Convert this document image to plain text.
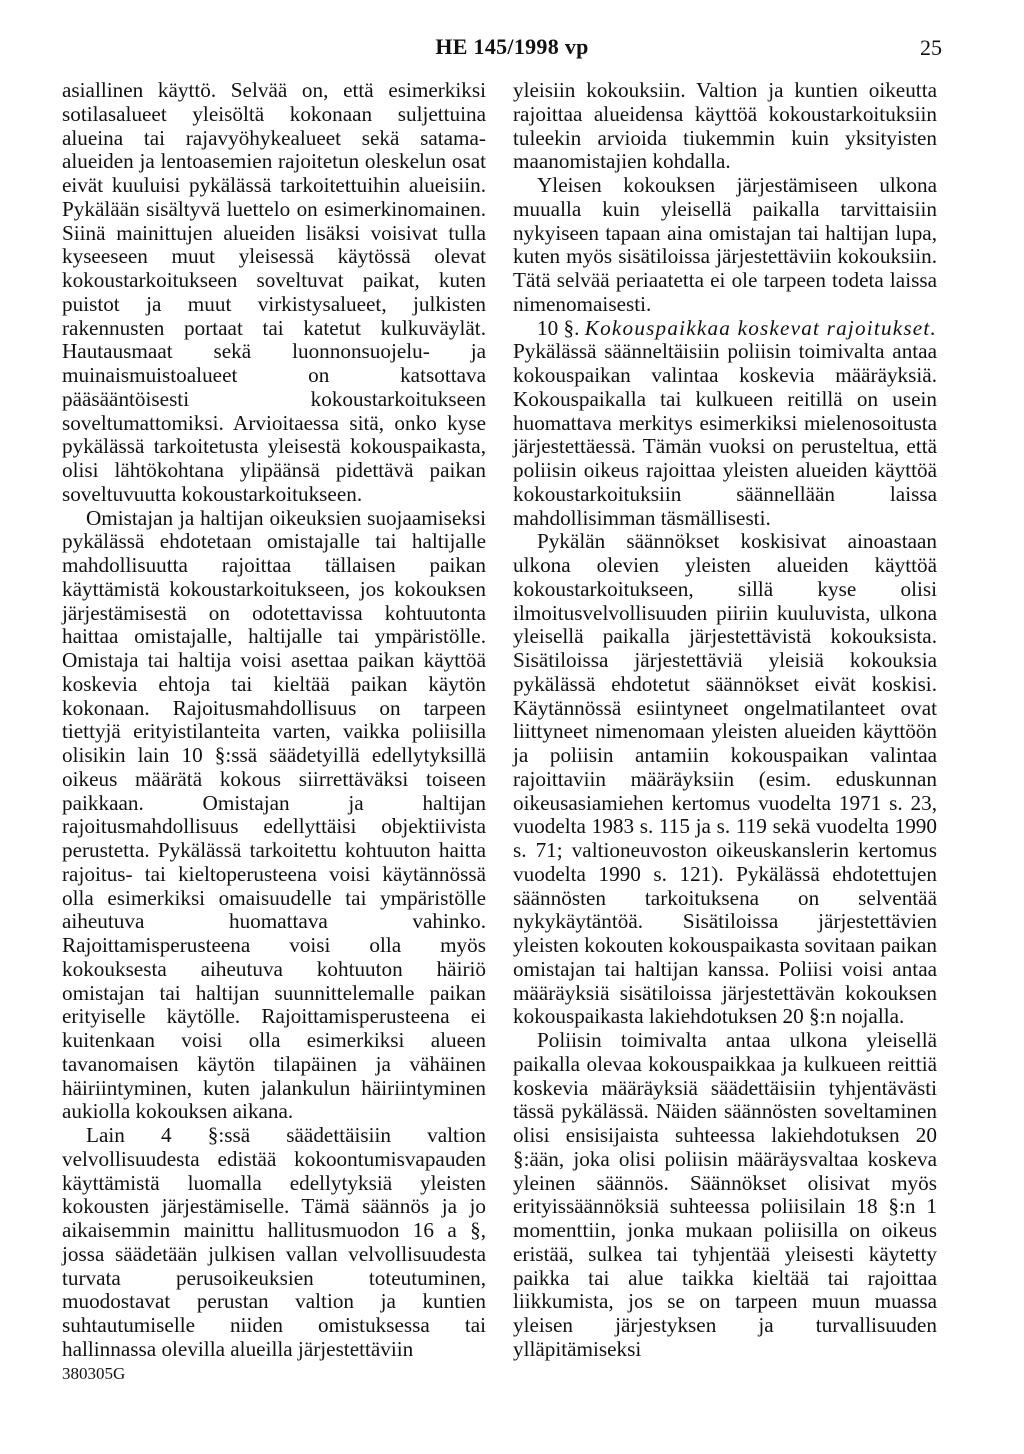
HE 145/1998 vp	25

asiallinen käyttö. Selvää on, että esimerkiksi sotilasalueet yleisöltä kokonaan suljettuina alueina tai rajavyöhykealueet sekä satama-alueiden ja lentoasemien rajoitetun oleskelun osat eivät kuuluisi pykälässä tarkoitettuihin alueisiin. Pykälään sisältyvä luettelo on esimerkinomainen. Siinä mainittujen alueiden lisäksi voisivat tulla kyseeseen muut yleisessä käytössä olevat kokoustarkoitukseen soveltuvat paikat, kuten puistot ja muut virkistysalueet, julkisten rakennusten portaat tai katetut kulkuväylät. Hautausmaat sekä luonnonsuojelu- ja muinaismuistoalueet on katsottava pääsääntöisesti kokoustarkoitukseen soveltumattomiksi. Arvioitaessa sitä, onko kyse pykälässä tarkoitetusta yleisestä kokouspaikasta, olisi lähtökohtana ylipäänsä pidettävä paikan soveltuvuutta kokoustarkoitukseen.

Omistajan ja haltijan oikeuksien suojaamiseksi pykälässä ehdotetaan omistajalle tai haltijalle mahdollisuutta rajoittaa tällaisen paikan käyttämistä kokoustarkoitukseen, jos kokouksen järjestämisestä on odotettavissa kohtuutonta haittaa omistajalle, haltijalle tai ympäristölle. Omistaja tai haltija voisi asettaa paikan käyttöä koskevia ehtoja tai kieltää paikan käytön kokonaan. Rajoitusmahdollisuus on tarpeen tiettyjä erityistilanteita varten, vaikka poliisilla olisikin lain 10 §:ssä säädetyillä edellytyksillä oikeus määrätä kokous siirrettäväksi toiseen paikkaan. Omistajan ja haltijan rajoitusmahdollisuus edellyttäisi objektiivista perustetta. Pykälässä tarkoitettu kohtuuton haitta rajoitus- tai kieltoperusteena voisi käytännössä olla esimerkiksi omaisuudelle tai ympäristölle aiheutuva huomattava vahinko. Rajoittamisperusteena voisi olla myös kokouksesta aiheutuva kohtuuton häiriö omistajan tai haltijan suunnittelemalle paikan erityiselle käytölle. Rajoittamisperusteena ei kuitenkaan voisi olla esimerkiksi alueen tavanomaisen käytön tilapäinen ja vähäinen häiriintyminen, kuten jalankulun häiriintyminen aukiolla kokouksen aikana.

Lain 4 §:ssä säädettäisiin valtion velvollisuudesta edistää kokoontumisvapauden käyttämistä luomalla edellytyksiä yleisten kokousten järjestämiselle. Tämä säännös ja jo aikaisemmin mainittu hallitusmuodon 16 a §, jossa säädetään julkisen vallan velvollisuudesta turvata perusoikeuksien toteutuminen, muodostavat perustan valtion ja kuntien suhtautumiselle niiden omistuksessa tai hallinnassa olevilla alueilla järjestettäviin

yleisiin kokouksiin. Valtion ja kuntien oikeutta rajoittaa alueidensa käyttöä kokoustarkoituksiin tuleekin arvioida tiukemmin kuin yksityisten maanomistajien kohdalla.

Yleisen kokouksen järjestämiseen ulkona muualla kuin yleisellä paikalla tarvittaisiin nykyiseen tapaan aina omistajan tai haltijan lupa, kuten myös sisätiloissa järjestettäviin kokouksiin. Tätä selvää periaatetta ei ole tarpeen todeta laissa nimenomaisesti.

10 §. Kokouspaikkaa koskevat rajoitukset. Pykälässä säänneltäisiin poliisin toimivalta antaa kokouspaikan valintaa koskevia määräyksiä. Kokouspaikalla tai kulkueen reitillä on usein huomattava merkitys esimerkiksi mielenosoitusta järjestettäessä. Tämän vuoksi on perusteltua, että poliisin oikeus rajoittaa yleisten alueiden käyttöä kokoustarkoituksiin säännellään laissa mahdollisimman täsmällisesti.

Pykälän säännökset koskisivat ainoastaan ulkona olevien yleisten alueiden käyttöä kokoustarkoitukseen, sillä kyse olisi ilmoitusvelvollisuuden piiriin kuuluvista, ulkona yleisellä paikalla järjestettävistä kokouksista. Sisätiloissa järjestettäviä yleisiä kokouksia pykälässä ehdotetut säännökset eivät koskisi. Käytännössä esiintyneet ongelmatilanteet ovat liittyneet nimenomaan yleisten alueiden käyttöön ja poliisin antamiin kokouspaikan valintaa rajoittaviin määräyksiin (esim. eduskunnan oikeusasiamiehen kertomus vuodelta 1971 s. 23, vuodelta 1983 s. 115 ja s. 119 sekä vuodelta 1990 s. 71; valtioneuvoston oikeuskanslerin kertomus vuodelta 1990 s. 121). Pykälässä ehdotettujen säännösten tarkoituksena on selventää nykykäytäntöä. Sisätiloissa järjestettävien yleisten kokouten kokouspaikasta sovitaan paikan omistajan tai haltijan kanssa. Poliisi voisi antaa määräyksiä sisätiloissa järjestettävän kokouksen kokouspaikasta lakiehdotuksen 20 §:n nojalla.

Poliisin toimivalta antaa ulkona yleisellä paikalla olevaa kokouspaikkaa ja kulkueen reittiä koskevia määräyksiä säädettäisiin tyhjentävästi tässä pykälässä. Näiden säännösten soveltaminen olisi ensisijaista suhteessa lakiehdotuksen 20 §:ään, joka olisi poliisin määräysvaltaa koskeva yleinen säännös. Säännökset olisivat myös erityissäännöksiä suhteessa poliisilain 18 §:n 1 momenttiin, jonka mukaan poliisilla on oikeus eristää, sulkea tai tyhjentää yleisesti käytetty paikka tai alue taikka kieltää tai rajoittaa liikkumista, jos se on tarpeen muun muassa yleisen järjestyksen ja turvallisuuden ylläpitämiseksi

380305G
